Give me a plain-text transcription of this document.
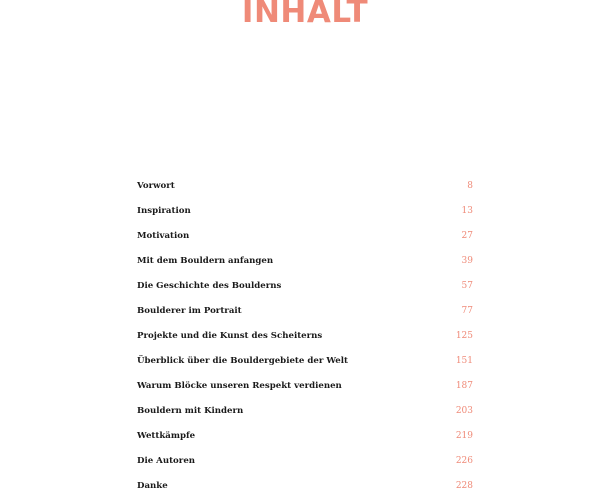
INHALT
Vorwort	8
Inspiration	13
Motivation	27
Mit dem Bouldern anfangen	39
Die Geschichte des Boulderns	57
Boulderer im Portrait	77
Projekte und die Kunst des Scheiterns	125
Überblick über die Bouldergebiete der Welt	151
Warum Blöcke unseren Respekt verdienen	187
Bouldern mit Kindern	203
Wettkämpfe	219
Die Autoren	226
Danke	228
